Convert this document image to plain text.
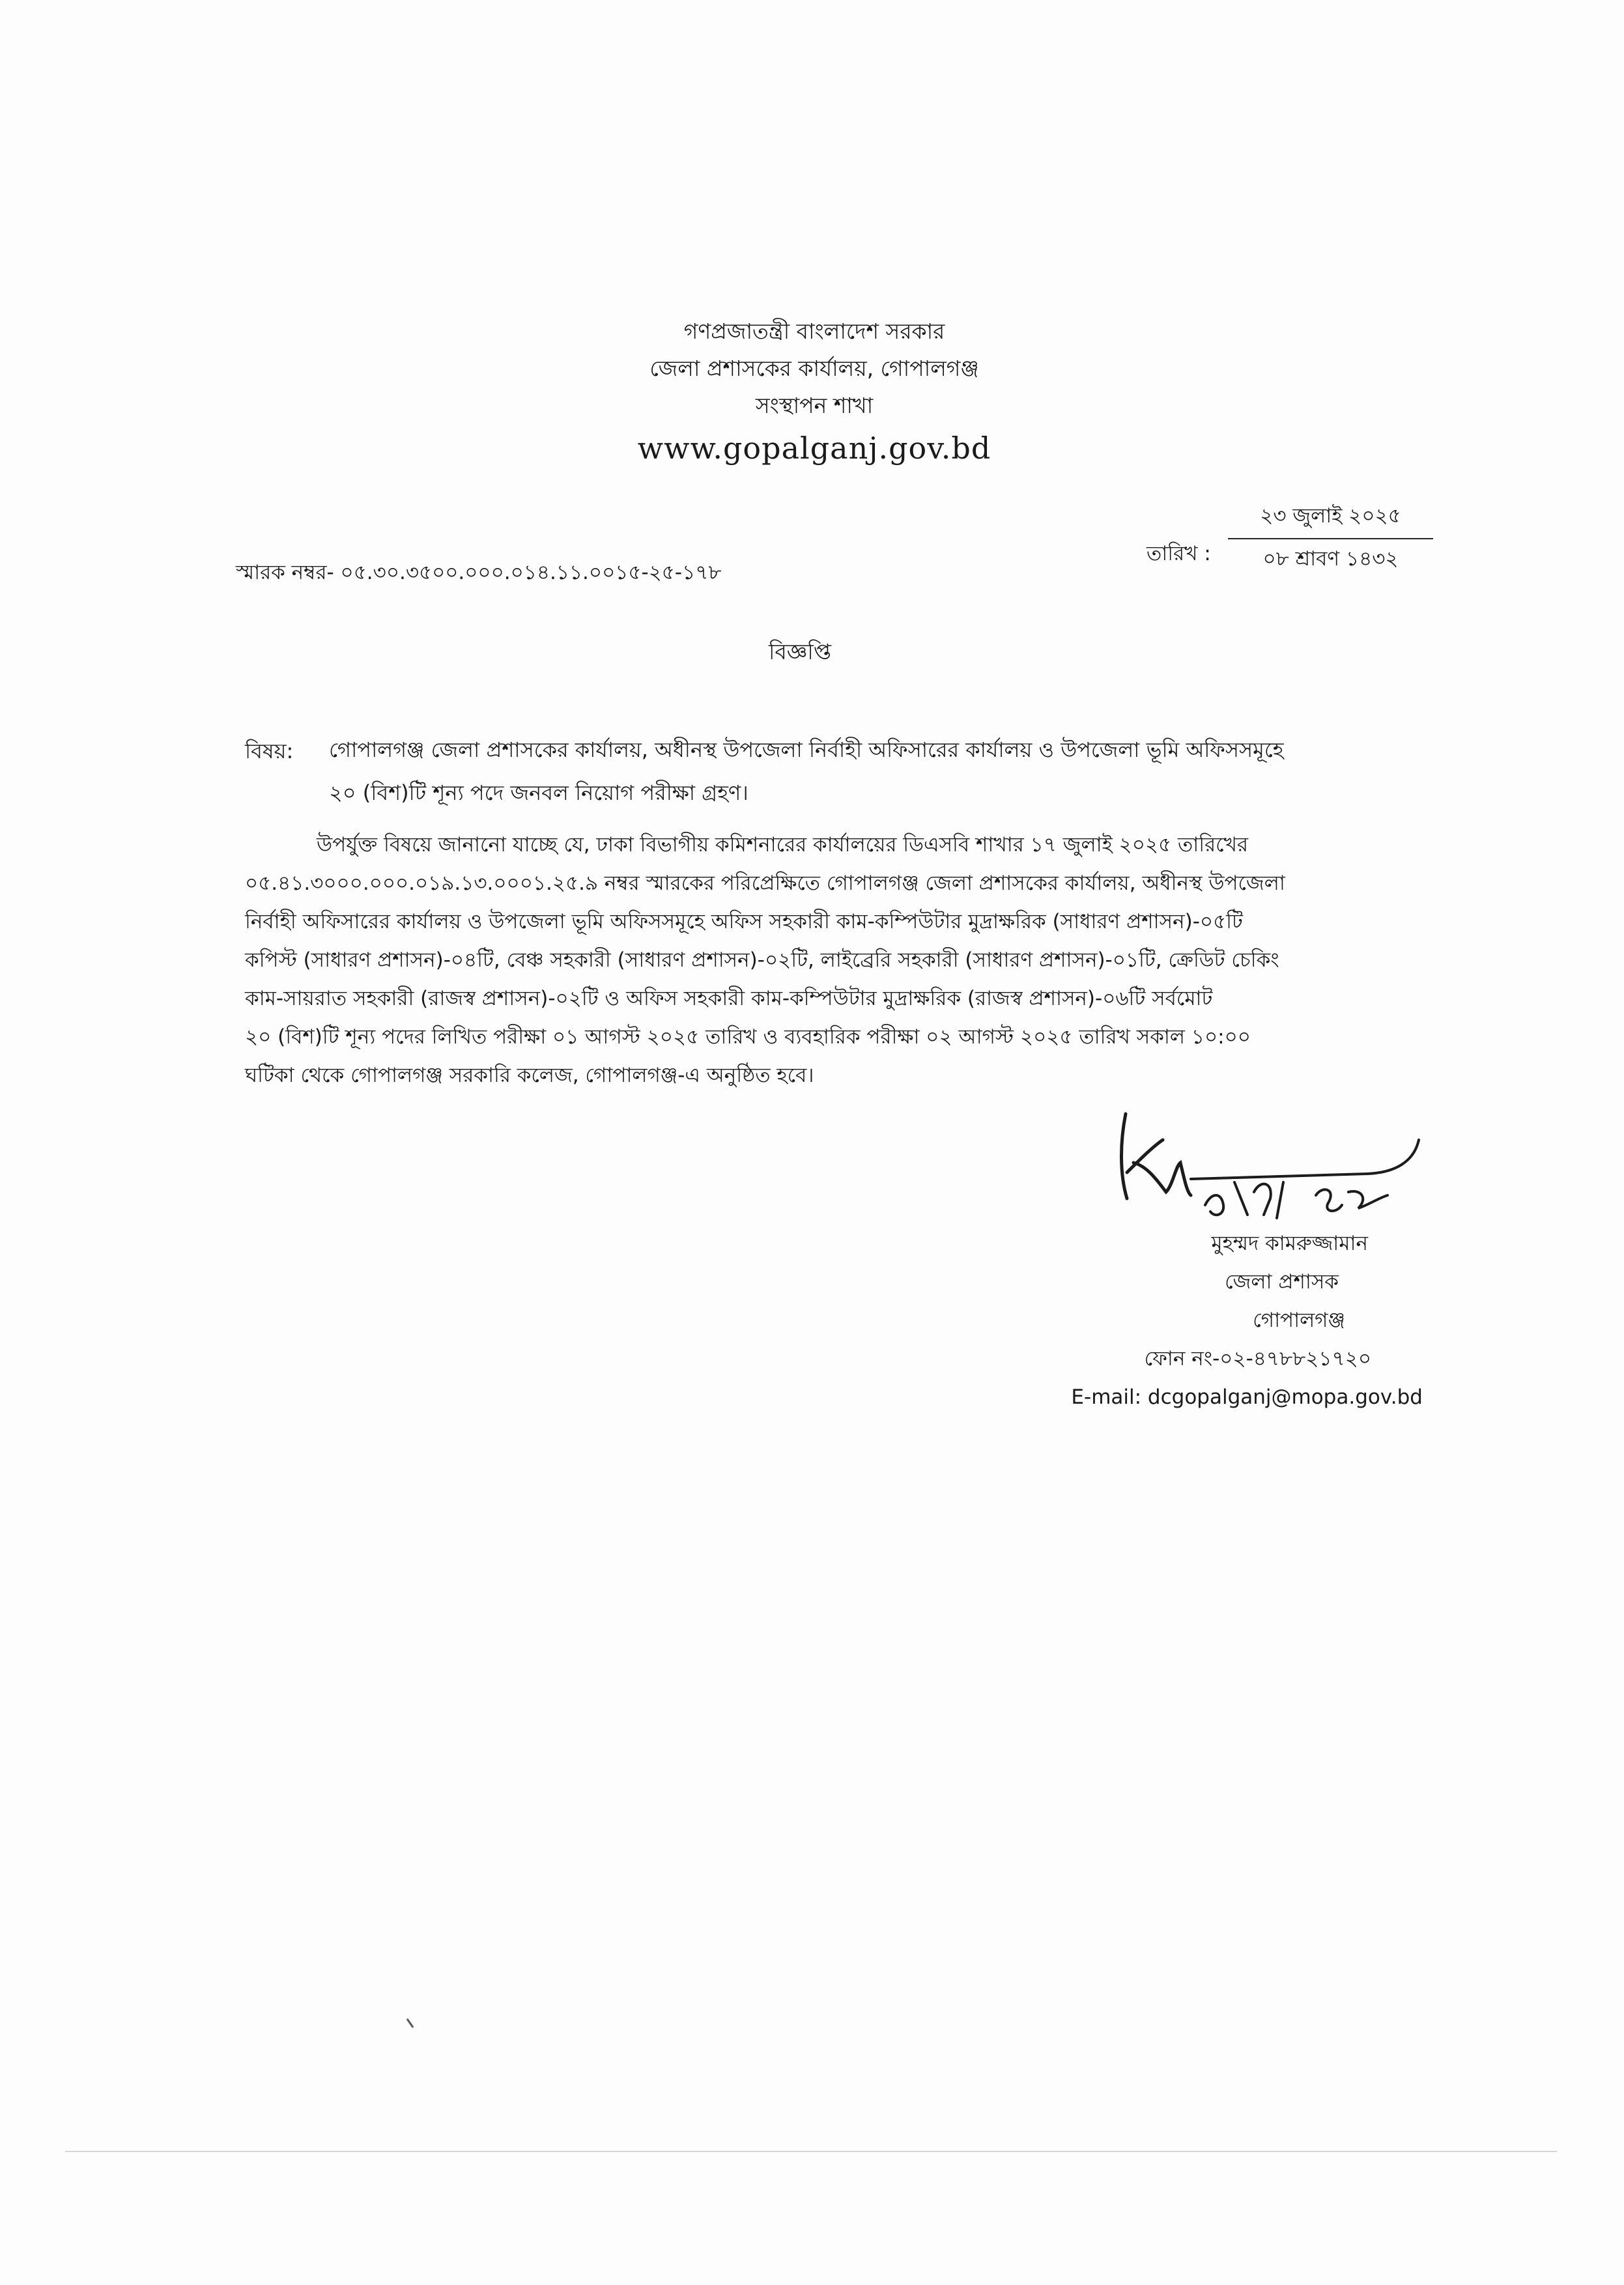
গণপ্রজাতন্ত্রী বাংলাদেশ সরকার
জেলা প্রশাসকের কার্যালয়, গোপালগঞ্জ
সংস্থাপন শাখা
www.gopalganj.gov.bd
স্মারক নম্বর- ০৫.৩০.৩৫০০.০০০.০১৪.১১.০০১৫-২৫-১৭৮
তারিখ :
২৩ জুলাই ২০২৫
০৮ শ্রাবণ ১৪৩২
বিজ্ঞপ্তি
বিষয়: গোপালগঞ্জ জেলা প্রশাসকের কার্যালয়, অধীনস্থ উপজেলা নির্বাহী অফিসারের কার্যালয় ও উপজেলা ভূমি অফিসসমূহে
২০ (বিশ)টি শূন্য পদে জনবল নিয়োগ পরীক্ষা গ্রহণ।
উপর্যুক্ত বিষয়ে জানানো যাচ্ছে যে, ঢাকা বিভাগীয় কমিশনারের কার্যালয়ের ডিএসবি শাখার ১৭ জুলাই ২০২৫ তারিখের
০৫.৪১.৩০০০.০০০.০১৯.১৩.০০০১.২৫.৯ নম্বর স্মারকের পরিপ্রেক্ষিতে গোপালগঞ্জ জেলা প্রশাসকের কার্যালয়, অধীনস্থ উপজেলা
নির্বাহী অফিসারের কার্যালয় ও উপজেলা ভূমি অফিসসমূহে অফিস সহকারী কাম-কম্পিউটার মুদ্রাক্ষরিক (সাধারণ প্রশাসন)-০৫টি
কপিস্ট (সাধারণ প্রশাসন)-০৪টি, বেঞ্চ সহকারী (সাধারণ প্রশাসন)-০২টি, লাইব্রেরি সহকারী (সাধারণ প্রশাসন)-০১টি, ক্রেডিট চেকিং
কাম-সায়রাত সহকারী (রাজস্ব প্রশাসন)-০২টি ও অফিস সহকারী কাম-কম্পিউটার মুদ্রাক্ষরিক (রাজস্ব প্রশাসন)-০৬টি সর্বমোট
২০ (বিশ)টি শূন্য পদের লিখিত পরীক্ষা ০১ আগস্ট ২০২৫ তারিখ ও ব্যবহারিক পরীক্ষা ০২ আগস্ট ২০২৫ তারিখ সকাল ১০:০০
ঘটিকা থেকে গোপালগঞ্জ সরকারি কলেজ, গোপালগঞ্জ-এ অনুষ্ঠিত হবে।
মুহম্মদ কামরুজ্জামান
জেলা প্রশাসক
গোপালগঞ্জ
ফোন নং-০২-৪৭৮৮২১৭২০
E-mail: dcgopalganj@mopa.gov.bd
